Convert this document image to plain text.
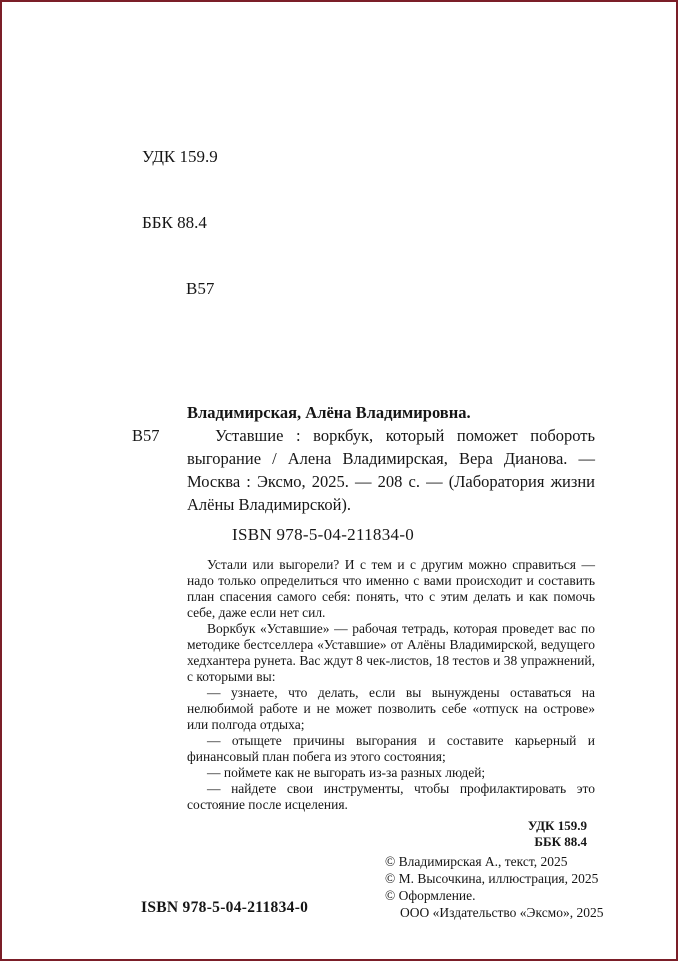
УДК 159.9

ББК 88.4

В57

Владимирская, Алёна Владимировна.
В57	Уставшие : воркбук, который поможет побороть выгорание / Алена Владимирская, Вера Дианова. — Москва : Эксмо, 2025. — 208 с. — (Лаборатория жизни Алёны Владимирской).

ISBN 978-5-04-211834-0

Устали или выгорели? И с тем и с другим можно справиться — надо только определиться что именно с вами происходит и составить план спасения самого себя: понять, что с этим делать и как помочь себе, даже если нет сил.

Воркбук «Уставшие» — рабочая тетрадь, которая проведет вас по методике бестселлера «Уставшие» от Алёны Владимирской, ведущего хедхантера рунета. Вас ждут 8 чек-листов, 18 тестов и 38 упражнений, с которыми вы:

— узнаете, что делать, если вы вынуждены оставаться на нелюбимой работе и не может позволить себе «отпуск на острове» или полгода отдыха;

— отыщете причины выгорания и составите карьерный и финансовый план побега из этого состояния;

— поймете как не выгорать из-за разных людей;

— найдете свои инструменты, чтобы профилактировать это состояние после исцеления.

УДК 159.9
ББК 88.4
© Владимирская А., текст, 2025
© М. Высочкина, иллюстрация, 2025
© Оформление.
ООО «Издательство «Эксмо», 2025
ISBN 978-5-04-211834-0
